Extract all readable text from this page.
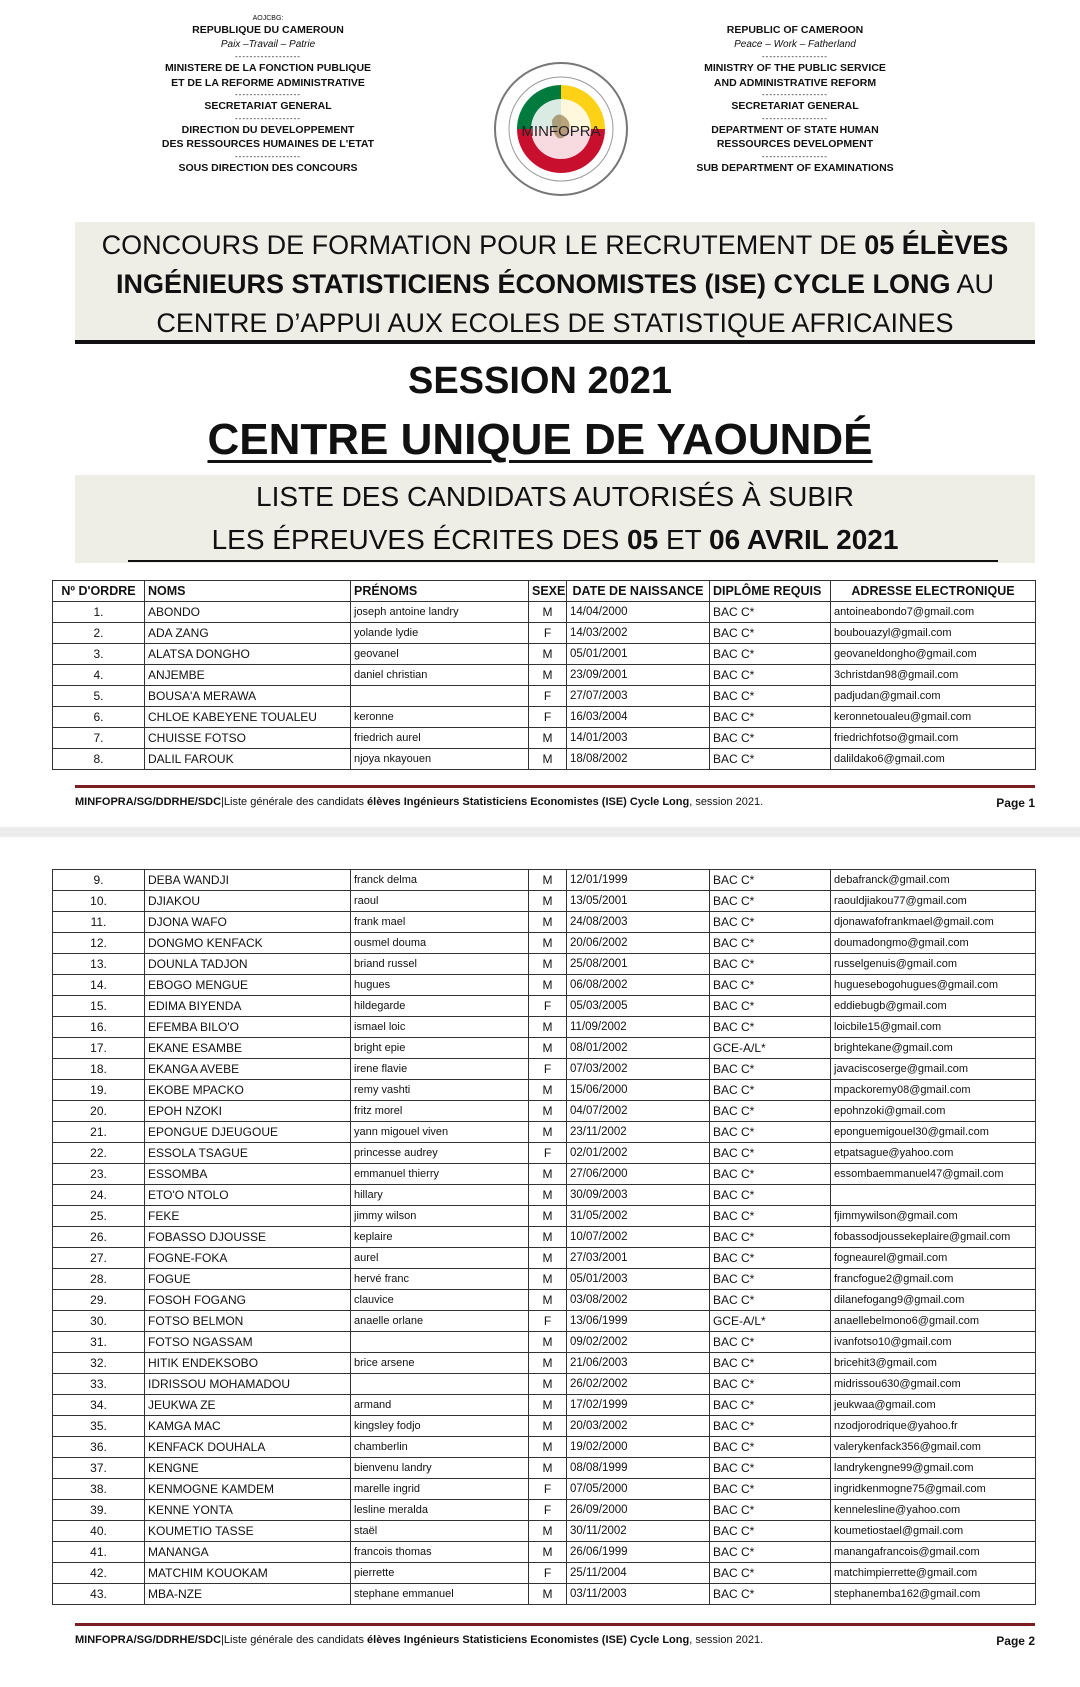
AOJCBG:
REPUBLIQUE DU CAMEROUN
Paix –Travail – Patrie
------------------
MINISTERE DE LA FONCTION PUBLIQUE
ET DE LA REFORME ADMINISTRATIVE
------------------
SECRETARIAT GENERAL
------------------
DIRECTION DU DEVELOPPEMENT
DES RESSOURCES HUMAINES DE L'ETAT
------------------
SOUS DIRECTION DES CONCOURS

REPUBLIC OF CAMEROON
Peace – Work – Fatherland
------------------
MINISTRY OF THE PUBLIC SERVICE
AND ADMINISTRATIVE REFORM
------------------
SECRETARIAT GENERAL
------------------
DEPARTMENT OF STATE HUMAN
RESSOURCES DEVELOPMENT
------------------
SUB DEPARTMENT OF EXAMINATIONS
MINFOPRA
CONCOURS DE FORMATION POUR LE RECRUTEMENT DE 05 ÉLÈVES
INGÉNIEURS STATISTICIENS ÉCONOMISTES (ISE) CYCLE LONG AU
CENTRE D’APPUI AUX ECOLES DE STATISTIQUE AFRICAINES
SESSION 2021
CENTRE UNIQUE DE YAOUNDÉ
LISTE DES CANDIDATS AUTORISÉS À SUBIR
LES ÉPREUVES ÉCRITES DES 05 ET 06 AVRIL 2021
Nº D'ORDRE	NOMS	PRÉNOMS	SEXE	DATE DE NAISSANCE	DIPLÔME REQUIS	ADRESSE ELECTRONIQUE
1.	ABONDO	joseph antoine landry	M	14/04/2000	BAC C*	antoineabondo7@gmail.com
2.	ADA ZANG	yolande lydie	F	14/03/2002	BAC C*	boubouazyl@gmail.com
3.	ALATSA DONGHO	geovanel	M	05/01/2001	BAC C*	geovaneldongho@gmail.com
4.	ANJEMBE	daniel christian	M	23/09/2001	BAC C*	3christdan98@gmail.com
5.	BOUSA'A MERAWA		F	27/07/2003	BAC C*	padjudan@gmail.com
6.	CHLOE KABEYENE TOUALEU	keronne	F	16/03/2004	BAC C*	keronnetoualeu@gmail.com
7.	CHUISSE FOTSO	friedrich aurel	M	14/01/2003	BAC C*	friedrichfotso@gmail.com
8.	DALIL FAROUK	njoya nkayouen	M	18/08/2002	BAC C*	dalildako6@gmail.com
MINFOPRA/SG/DDRHE/SDC|Liste générale des candidats élèves Ingénieurs Statisticiens Economistes (ISE) Cycle Long, session 2021.	Page 1
9.	DEBA WANDJI	franck delma	M	12/01/1999	BAC C*	debafranck@gmail.com
10.	DJIAKOU	raoul	M	13/05/2001	BAC C*	raouldjiakou77@gmail.com
11.	DJONA WAFO	frank mael	M	24/08/2003	BAC C*	djonawafofrankmael@gmail.com
12.	DONGMO KENFACK	ousmel douma	M	20/06/2002	BAC C*	doumadongmo@gmail.com
13.	DOUNLA TADJON	briand russel	M	25/08/2001	BAC C*	russelgenuis@gmail.com
14.	EBOGO MENGUE	hugues	M	06/08/2002	BAC C*	huguesebogohugues@gmail.com
15.	EDIMA BIYENDA	hildegarde	F	05/03/2005	BAC C*	eddiebugb@gmail.com
16.	EFEMBA BILO'O	ismael loic	M	11/09/2002	BAC C*	loicbile15@gmail.com
17.	EKANE ESAMBE	bright epie	M	08/01/2002	GCE-A/L*	brightekane@gmail.com
18.	EKANGA AVEBE	irene flavie	F	07/03/2002	BAC C*	javaciscoserge@gmail.com
19.	EKOBE MPACKO	remy vashti	M	15/06/2000	BAC C*	mpackoremy08@gmail.com
20.	EPOH NZOKI	fritz morel	M	04/07/2002	BAC C*	epohnzoki@gmail.com
21.	EPONGUE DJEUGOUE	yann migouel viven	M	23/11/2002	BAC C*	eponguemigouel30@gmail.com
22.	ESSOLA TSAGUE	princesse audrey	F	02/01/2002	BAC C*	etpatsague@yahoo.com
23.	ESSOMBA	emmanuel thierry	M	27/06/2000	BAC C*	essombaemmanuel47@gmail.com
24.	ETO'O NTOLO	hillary	M	30/09/2003	BAC C*	
25.	FEKE	jimmy wilson	M	31/05/2002	BAC C*	fjimmywilson@gmail.com
26.	FOBASSO DJOUSSE	keplaire	M	10/07/2002	BAC C*	fobassodjoussekeplaire@gmail.com
27.	FOGNE-FOKA	aurel	M	27/03/2001	BAC C*	fogneaurel@gmail.com
28.	FOGUE	hervé franc	M	05/01/2003	BAC C*	francfogue2@gmail.com
29.	FOSOH FOGANG	clauvice	M	03/08/2002	BAC C*	dilanefogang9@gmail.com
30.	FOTSO BELMON	anaelle orlane	F	13/06/1999	GCE-A/L*	anaellebelmono6@gmail.com
31.	FOTSO NGASSAM		M	09/02/2002	BAC C*	ivanfotso10@gmail.com
32.	HITIK ENDEKSOBO	brice arsene	M	21/06/2003	BAC C*	bricehit3@gmail.com
33.	IDRISSOU MOHAMADOU		M	26/02/2002	BAC C*	midrissou630@gmail.com
34.	JEUKWA ZE	armand	M	17/02/1999	BAC C*	jeukwaa@gmail.com
35.	KAMGA MAC	kingsley fodjo	M	20/03/2002	BAC C*	nzodjorodrique@yahoo.fr
36.	KENFACK DOUHALA	chamberlin	M	19/02/2000	BAC C*	valerykenfack356@gmail.com
37.	KENGNE	bienvenu landry	M	08/08/1999	BAC C*	landrykengne99@gmail.com
38.	KENMOGNE KAMDEM	marelle ingrid	F	07/05/2000	BAC C*	ingridkenmogne75@gmail.com
39.	KENNE YONTA	lesline meralda	F	26/09/2000	BAC C*	kennelesline@yahoo.com
40.	KOUMETIO TASSE	staël	M	30/11/2002	BAC C*	koumetiostael@gmail.com
41.	MANANGA	francois thomas	M	26/06/1999	BAC C*	manangafrancois@gmail.com
42.	MATCHIM KOUOKAM	pierrette	F	25/11/2004	BAC C*	matchimpierrette@gmail.com
43.	MBA-NZE	stephane emmanuel	M	03/11/2003	BAC C*	stephanemba162@gmail.com
MINFOPRA/SG/DDRHE/SDC|Liste générale des candidats élèves Ingénieurs Statisticiens Economistes (ISE) Cycle Long, session 2021.	Page 2
